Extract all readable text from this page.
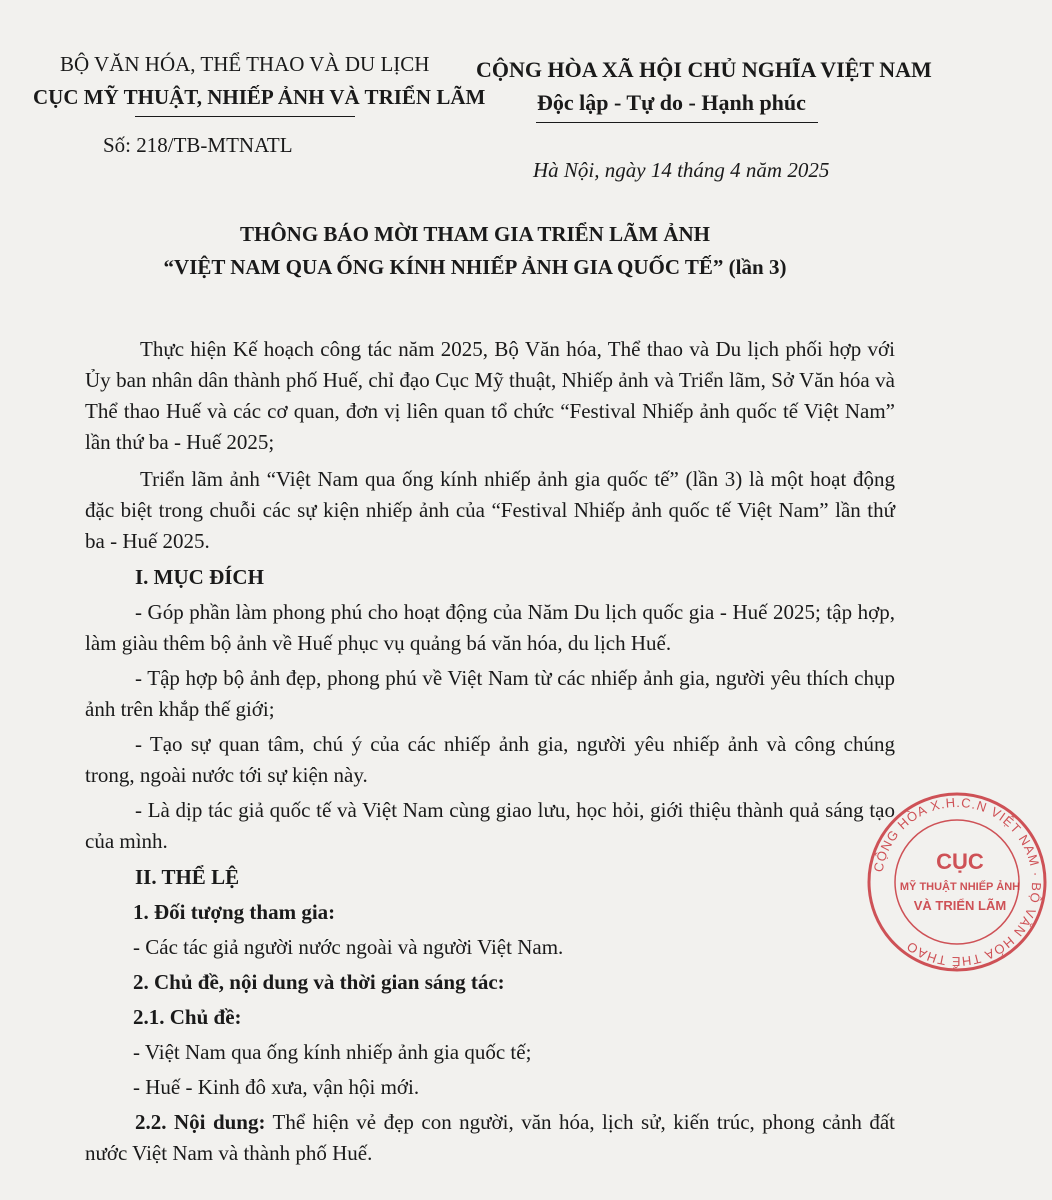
BỘ VĂN HÓA, THỂ THAO VÀ DU LỊCH
CỤC MỸ THUẬT, NHIẾP ẢNH VÀ TRIỂN LÃM
Số: 218/TB-MTNATL
CỘNG HÒA XÃ HỘI CHỦ NGHĨA VIỆT NAM
Độc lập - Tự do - Hạnh phúc
Hà Nội, ngày 14 tháng 4 năm 2025
THÔNG BÁO MỜI THAM GIA TRIỂN LÃM ẢNH
“VIỆT NAM QUA ỐNG KÍNH NHIẾP ẢNH GIA QUỐC TẾ” (lần 3)

Thực hiện Kế hoạch công tác năm 2025, Bộ Văn hóa, Thể thao và Du lịch phối hợp với Ủy ban nhân dân thành phố Huế, chỉ đạo Cục Mỹ thuật, Nhiếp ảnh và Triển lãm, Sở Văn hóa và Thể thao Huế và các cơ quan, đơn vị liên quan tổ chức “Festival Nhiếp ảnh quốc tế Việt Nam” lần thứ ba - Huế 2025;

Triển lãm ảnh “Việt Nam qua ống kính nhiếp ảnh gia quốc tế” (lần 3) là một hoạt động đặc biệt trong chuỗi các sự kiện nhiếp ảnh của “Festival Nhiếp ảnh quốc tế Việt Nam” lần thứ ba - Huế 2025.

I. MỤC ĐÍCH

- Góp phần làm phong phú cho hoạt động của Năm Du lịch quốc gia - Huế 2025; tập hợp, làm giàu thêm bộ ảnh về Huế phục vụ quảng bá văn hóa, du lịch Huế.

- Tập hợp bộ ảnh đẹp, phong phú về Việt Nam từ các nhiếp ảnh gia, người yêu thích chụp ảnh trên khắp thế giới;

- Tạo sự quan tâm, chú ý của các nhiếp ảnh gia, người yêu nhiếp ảnh và công chúng trong, ngoài nước tới sự kiện này.

- Là dịp tác giả quốc tế và Việt Nam cùng giao lưu, học hỏi, giới thiệu thành quả sáng tạo của mình.

II. THỂ LỆ

1. Đối tượng tham gia:

- Các tác giả người nước ngoài và người Việt Nam.

2. Chủ đề, nội dung và thời gian sáng tác:

2.1. Chủ đề:

- Việt Nam qua ống kính nhiếp ảnh gia quốc tế;

- Huế - Kinh đô xưa, vận hội mới.

2.2. Nội dung: Thể hiện vẻ đẹp con người, văn hóa, lịch sử, kiến trúc, phong cảnh đất nước Việt Nam và thành phố Huế.

CỘNG HÒA X.H.C.N VIỆT NAM · BỘ VĂN HÓA THỂ THAO
CỤC
MỸ THUẬT NHIẾP ẢNH
VÀ TRIỂN LÃM
